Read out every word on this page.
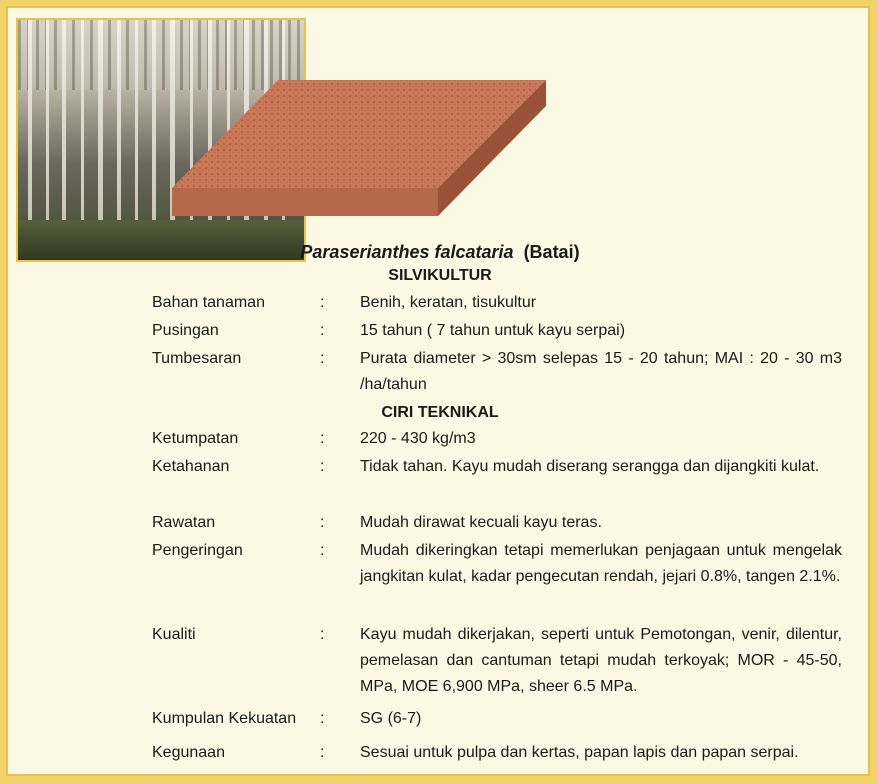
Paraserianthes falcataria (Batai)
SILVIKULTUR
Bahan tanaman	:	Benih, keratan, tisukultur
Pusingan	:	15 tahun ( 7 tahun untuk kayu serpai)
Tumbesaran	:	Purata diameter > 30sm selepas 15 - 20 tahun; MAI : 20 - 30 m3 /ha/tahun
CIRI TEKNIKAL
Ketumpatan	:	220 - 430 kg/m3
Ketahanan	:	Tidak tahan. Kayu mudah diserang serangga dan dijangkiti kulat.
Rawatan	:	Mudah dirawat kecuali kayu teras.
Pengeringan	:	Mudah dikeringkan tetapi memerlukan penjagaan untuk mengelak jangkitan kulat, kadar pengecutan rendah, jejari 0.8%, tangen 2.1%.
Kualiti	:	Kayu mudah dikerjakan, seperti untuk Pemotongan, venir, dilentur, pemelasan dan cantuman tetapi mudah terkoyak; MOR - 45-50, MPa, MOE 6,900 MPa, sheer 6.5 MPa.
Kumpulan Kekuatan	:	SG (6-7)
Kegunaan	:	Sesuai untuk pulpa dan kertas, papan lapis dan papan serpai.
